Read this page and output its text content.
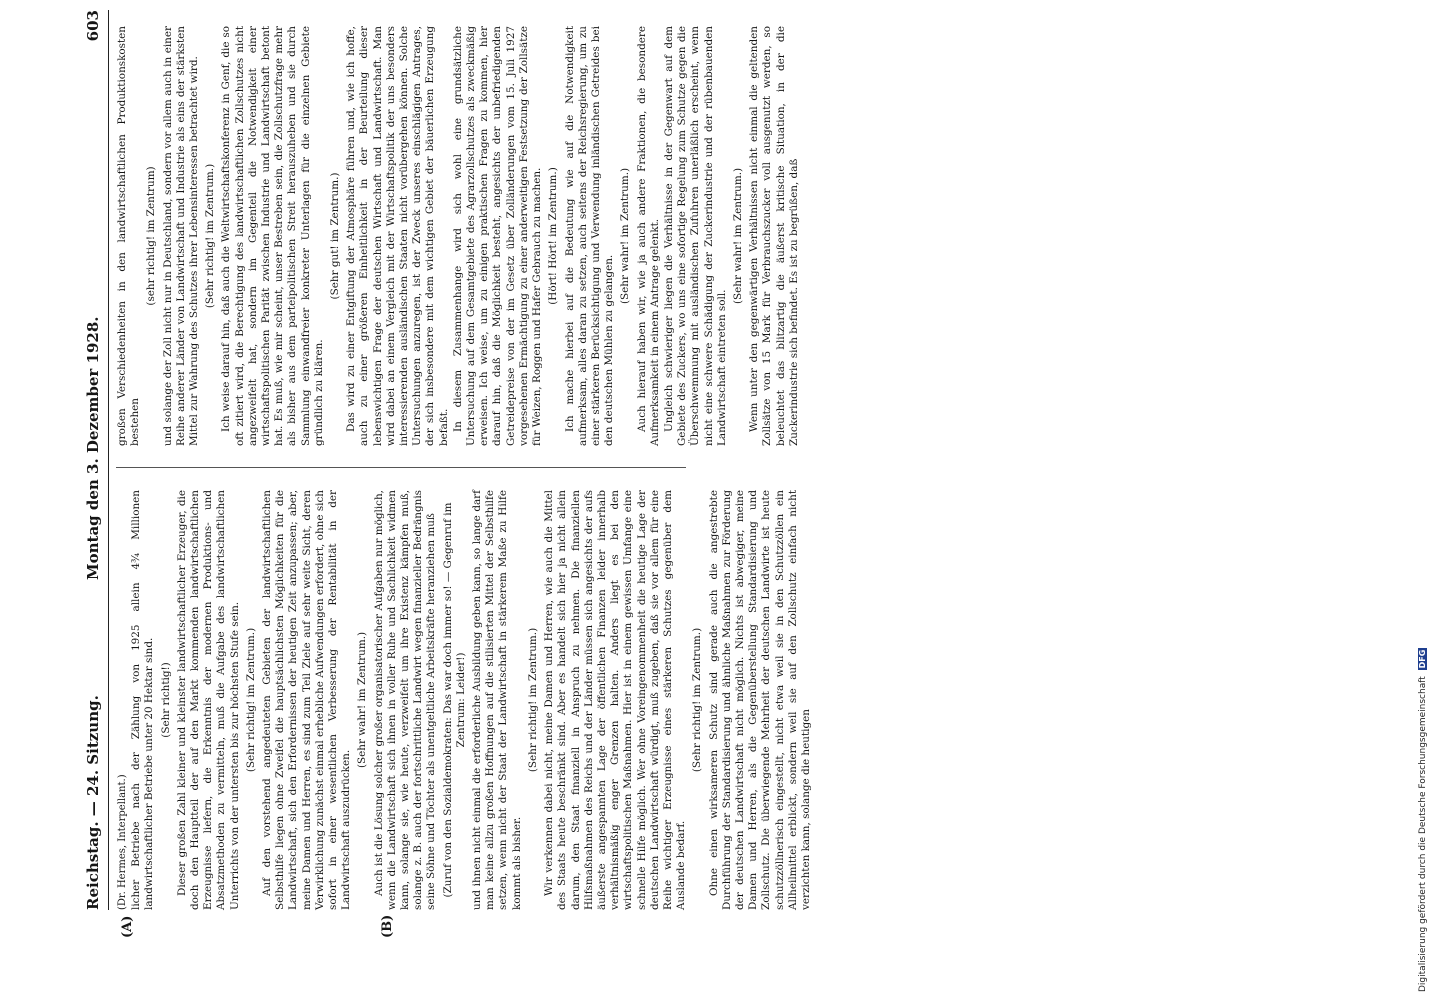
Reichstag. — 24. Sitzung.
Montag den 3. Dezember 1928.
603
(A)	(B)

(Dr. Hermes, Interpellant.) licher Betriebe nach der Zählung von 1925 allein 4¾ Millionen landwirtschaftlicher Betriebe unter 20 Hektar sind. (Sehr richtig!) Dieser großen Zahl kleiner und kleinster landwirtschaftlicher Erzeuger, die doch den Hauptteil der auf den Markt kommenden landwirtschaftlichen Erzeugnisse liefern, die Erkenntnis der modernen Produktions- und Absatzmethoden zu vermitteln, muß die Aufgabe des landwirtschaftlichen Unterrichts von der untersten bis zur höchsten Stufe sein. (Sehr richtig! im Zentrum.) Auf den vorstehend angedeuteten Gebieten der landwirtschaftlichen Selbsthilfe liegen ohne Zweifel die hauptsächlichsten Möglichkeiten für die Landwirtschaft, sich den Erfordernissen der heutigen Zeit anzupassen; aber, meine Damen und Herren, es sind zum Teil Ziele auf sehr weite Sicht, deren Verwirklichung zunächst einmal erhebliche Aufwendungen erfordert, ohne sich sofort in einer wesentlichen Verbesserung der Rentabilität in der Landwirtschaft auszudrücken.

(Sehr wahr! im Zentrum.) Auch ist die Lösung solcher großer organisatorischer Aufgaben nur möglich, wenn die Landwirtschaft sich ihnen in voller Ruhe und Sachlichkeit widmen kann, solange sie, wie heute, verzweifelt um ihre Existenz kämpfen muß, solange z. B. auch der fortschrittliche Landwirt wegen finanzieller Bedrängnis seine Söhne und Töchter als unentgeltliche Arbeitskräfte heranziehen muß (Zuruf von den Sozialdemokraten: Das war doch immer so! — Gegenruf im Zentrum: Leider!) und ihnen nicht einmal die erforderliche Ausbildung geben kann, so lange darf man keine allzu großen Hoffnungen auf die stilisierten Mittel der Selbsthilfe setzen, wenn nicht der Staat der Landwirtschaft in stärkerem Maße zu Hilfe kommt als bisher.

(Sehr richtig! im Zentrum.) Wir verkennen dabei nicht, meine Damen und Herren, wie auch die Mittel des Staats heute beschränkt sind. Aber es handelt sich hier ja nicht allein darum, den Staat finanziell in Anspruch zu nehmen. Die finanziellen Hilfsmaßnahmen des Reichs und der Länder müssen sich angesichts der aufs äußerste angespannten Lage der öffentlichen Finanzen leider innerhalb verhältnismäßig enger Grenzen halten. Anders liegt es bei den wirtschaftspolitischen Maßnahmen. Hier ist in einem gewissen Umfange eine schnelle Hilfe möglich. Wer ohne Voreingenommenheit die heutige Lage der deutschen Landwirtschaft würdigt, muß zugeben, daß sie vor allem für eine Reihe wichtiger Erzeugnisse eines stärkeren Schutzes gegenüber dem Auslande bedarf.

(Sehr richtig! im Zentrum.) Ohne einen wirksameren Schutz sind gerade auch die angestrebte Durchführung der Standardisierung und ähnliche Maßnahmen zur Förderung der deutschen Landwirtschaft nicht möglich. Nichts ist abwegiger, meine Damen und Herren, als die Gegenüberstellung Standardisierung und Zollschutz. Die überwiegende Mehrheit der deutschen Landwirte ist heute schutzzöllnerisch eingestellt, nicht etwa weil sie in den Schutzzöllen ein Allheilmittel erblickt, sondern weil sie auf den Zollschutz einfach nicht verzichten kann, solange die heutigen

großen Verschiedenheiten in den landwirtschaftlichen Produktionskosten bestehen

(sehr richtig! im Zentrum) und solange der Zoll nicht nur in Deutschland, sondern vor allem auch in einer Reihe anderer Länder von Landwirtschaft und Industrie als eins der stärksten Mittel zur Wahrung des Schutzes ihrer Lebensinteressen betrachtet wird. (Sehr richtig! im Zentrum.) Ich weise darauf hin, daß auch die Weltwirtschaftskonferenz in Genf, die so oft zitiert wird, die Berechtigung des landwirtschaftlichen Zollschutzes nicht angezweifelt hat, sondern im Gegenteil die Notwendigkeit einer wirtschaftspolitischen Parität zwischen Industrie und Landwirtschaft betont hat. Es muß, wie mir scheint, unser Bestreben sein, die Zollschutzfrage mehr als bisher aus dem parteipolitischen Streit herauszuheben und sie durch Sammlung einwandfreier konkreter Unterlagen für die einzelnen Gebiete gründlich zu klären.

(Sehr gut! im Zentrum.) Das wird zu einer Entgiftung der Atmosphäre führen und, wie ich hoffe, auch zu einer größeren Einheitlichkeit in der Beurteilung dieser lebenswichtigen Frage der deutschen Wirtschaft und Landwirtschaft. Man wird dabei an einem Vergleich mit der Wirtschaftspolitik der uns besonders interessierenden ausländischen Staaten nicht vorübergehen können. Solche Untersuchungen anzuregen, ist der Zweck unseres einschlägigen Antrages, der sich insbesondere mit dem wichtigen Gebiet der bäuerlichen Erzeugung befaßt. In diesem Zusammenhange wird sich wohl eine grundsätzliche Untersuchung auf dem Gesamtgebiete des Agrarzollschutzes als zweckmäßig erweisen. Ich weise, um zu einigen praktischen Fragen zu kommen, hier darauf hin, daß die Möglichkeit besteht, angesichts der unbefriedigenden Getreidepreise von der im Gesetz über Zolländerungen vom 15. Juli 1927 vorgesehenen Ermächtigung zu einer anderweitigen Festsetzung der Zollsätze für Weizen, Roggen und Hafer Gebrauch zu machen. (Hört! Hört! im Zentrum.) Ich mache hierbei auf die Bedeutung wie auf die Notwendigkeit aufmerksam, alles daran zu setzen, auch seitens der Reichsregierung, um zu einer stärkeren Berücksichtigung und Verwendung inländischen Getreides bei den deutschen Mühlen zu gelangen.

(Sehr wahr! im Zentrum.) Auch hierauf haben wir, wie ja auch andere Fraktionen, die besondere Aufmerksamkeit in einem Antrage gelenkt. Ungleich schwieriger liegen die Verhältnisse in der Gegenwart auf dem Gebiete des Zuckers, wo uns eine sofortige Regelung zum Schutze gegen die Überschwemmung mit ausländischen Zufuhren unerläßlich erscheint, wenn nicht eine schwere Schädigung der Zuckerindustrie und der rübenbauenden Landwirtschaft eintreten soll.

(Sehr wahr! im Zentrum.) Wenn unter den gegenwärtigen Verhältnissen nicht einmal die geltenden Zollsätze von 15 Mark für Verbrauchszucker voll ausgenutzt werden, so beleuchtet das blitzartig die äußerst kritische Situation, in der die Zuckerindustrie sich befindet. Es ist zu begrüßen, daß

Digitalisierung gefördert durch die Deutsche Forschungsgemeinschaft DFG
